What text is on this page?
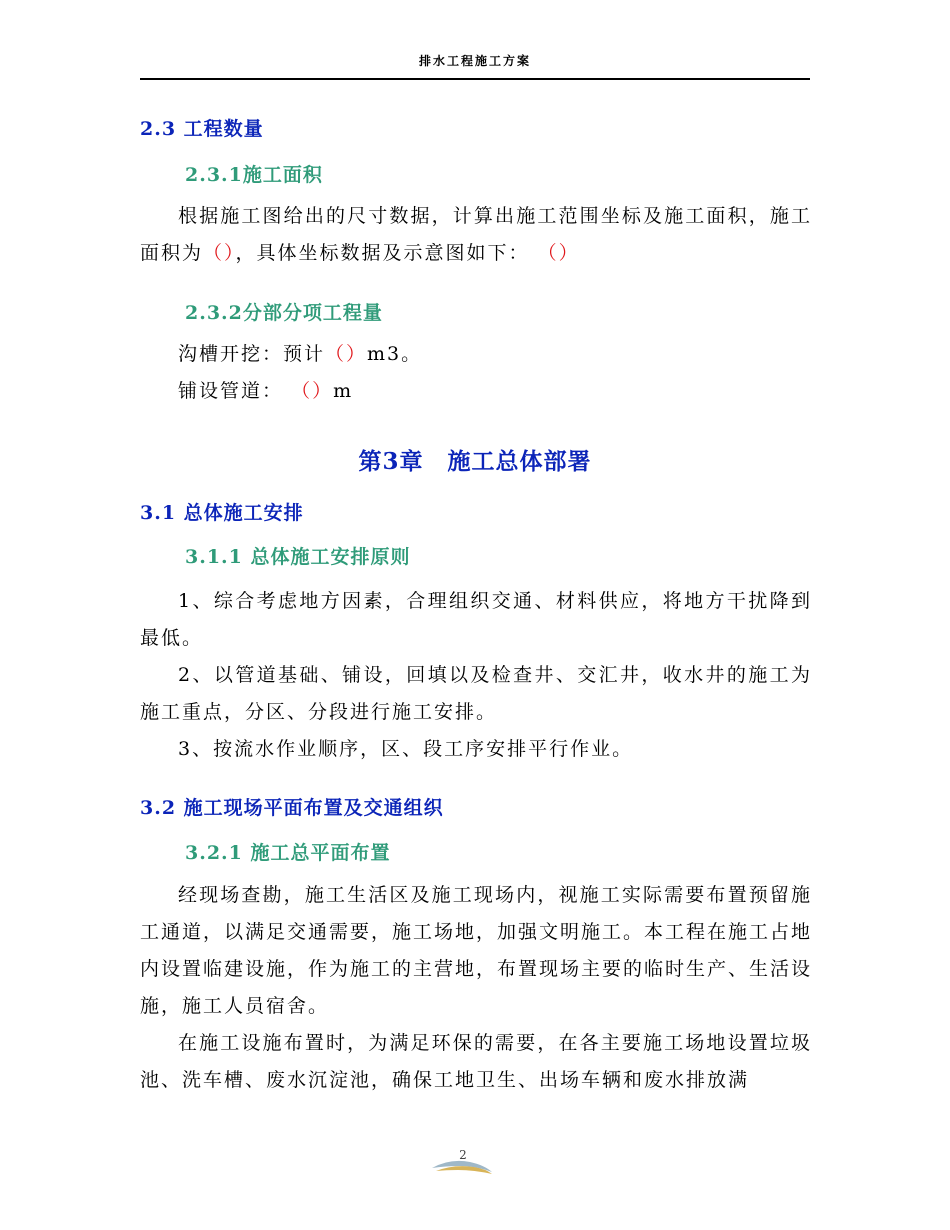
排水工程施工方案
2.3 工程数量
2.3.1施工面积
根据施工图给出的尺寸数据，计算出施工范围坐标及施工面积，施工面积为（），具体坐标数据及示意图如下： （）
2.3.2分部分项工程量
沟槽开挖：预计（）m3。
铺设管道： （）m
第3章　施工总体部署
3.1 总体施工安排
3.1.1 总体施工安排原则
1、综合考虑地方因素，合理组织交通、材料供应，将地方干扰降到最低。
2、以管道基础、铺设，回填以及检查井、交汇井，收水井的施工为施工重点，分区、分段进行施工安排。
3、按流水作业顺序，区、段工序安排平行作业。
3.2 施工现场平面布置及交通组织
3.2.1 施工总平面布置
经现场查勘，施工生活区及施工现场内，视施工实际需要布置预留施工通道，以满足交通需要，施工场地，加强文明施工。本工程在施工占地内设置临建设施，作为施工的主营地，布置现场主要的临时生产、生活设施，施工人员宿舍。
在施工设施布置时，为满足环保的需要，在各主要施工场地设置垃圾池、洗车槽、废水沉淀池，确保工地卫生、出场车辆和废水排放满
2
